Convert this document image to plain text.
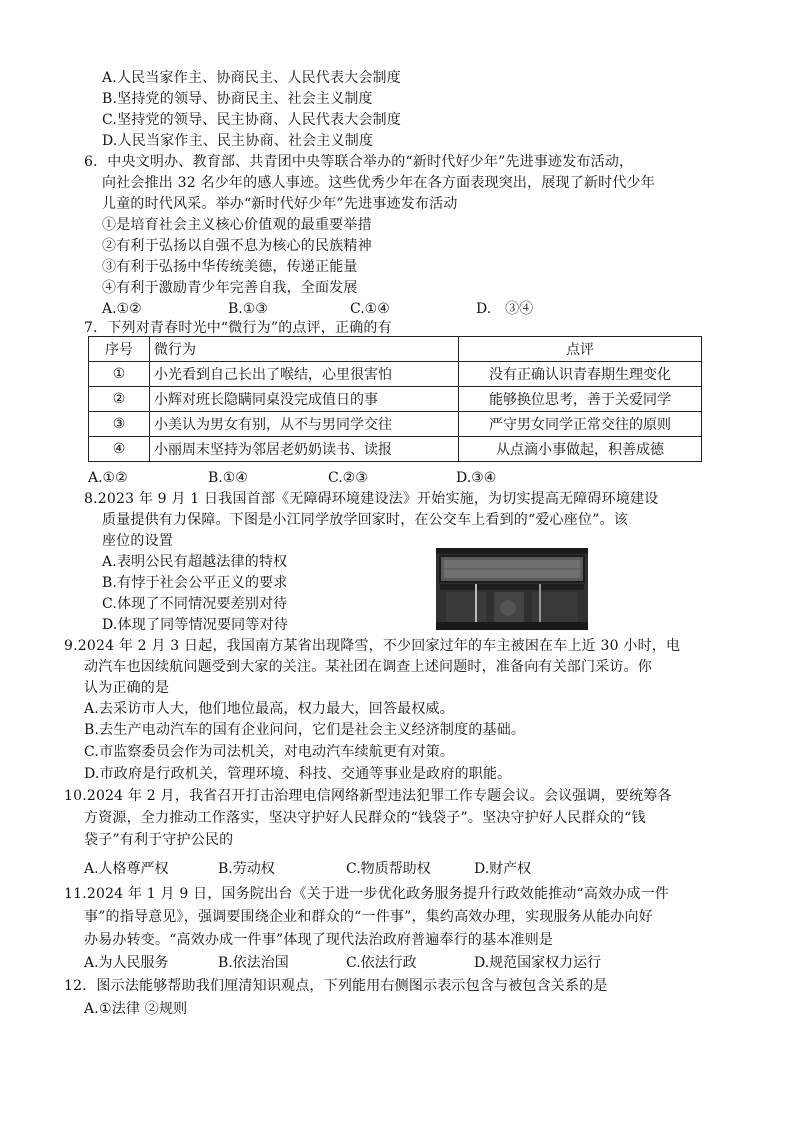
A.人民当家作主、协商民主、人民代表大会制度
B.坚持党的领导、协商民主、社会主义制度
C.坚持党的领导、民主协商、人民代表大会制度
D.人民当家作主、民主协商、社会主义制度
6．中央文明办、教育部、共青团中央等联合举办的“新时代好少年”先进事迹发布活动，
向社会推出 32 名少年的感人事迹。这些优秀少年在各方面表现突出，展现了新时代少年
儿童的时代风采。举办“新时代好少年”先进事迹发布活动
①是培育社会主义核心价值观的最重要举措
②有利于弘扬以自强不息为核心的民族精神
③有利于弘扬中华传统美德，传递正能量
④有利于激励青少年完善自我，全面发展
A.①②	B.①③	C.①④	D.　③④
7．下列对青春时光中“微行为”的点评，正确的有
序号	微行为	点评
①	小光看到自己长出了喉结，心里很害怕	没有正确认识青春期生理变化
②	小辉对班长隐瞒同桌没完成值日的事	能够换位思考，善于关爱同学
③	小美认为男女有别，从不与男同学交往	严守男女同学正常交往的原则
④	小丽周末坚持为邻居老奶奶读书、读报	从点滴小事做起，积善成德
A.①②	B.①④	C.②③	D.③④
8.2023 年 9 月 1 日我国首部《无障碍环境建设法》开始实施，为切实提高无障碍环境建设
质量提供有力保障。下图是小江同学放学回家时，在公交车上看到的“爱心座位”。该
座位的设置
A.表明公民有超越法律的特权
B.有悖于社会公平正义的要求
C.体现了不同情况要差别对待
D.体现了同等情况要同等对待
9.2024 年 2 月 3 日起，我国南方某省出现降雪，不少回家过年的车主被困在车上近 30 小时，电
动汽车也因续航问题受到大家的关注。某社团在调查上述问题时，准备向有关部门采访。你
认为正确的是
A.去采访市人大，他们地位最高，权力最大，回答最权威。
B.去生产电动汽车的国有企业问问，它们是社会主义经济制度的基础。
C.市监察委员会作为司法机关，对电动汽车续航更有对策。
D.市政府是行政机关，管理环境、科技、交通等事业是政府的职能。
10.2024 年 2 月，我省召开打击治理电信网络新型违法犯罪工作专题会议。会议强调，要统筹各
方资源，全力推动工作落实，坚决守护好人民群众的“钱袋子”。坚决守护好人民群众的“钱
袋子”有利于守护公民的
A.人格尊严权	B.劳动权	C.物质帮助权	D.财产权
11.2024 年 1 月 9 日，国务院出台《关于进一步优化政务服务提升行政效能推动“高效办成一件
事”的指导意见》，强调要围绕企业和群众的“一件事”，集约高效办理，实现服务从能办向好
办易办转变。“高效办成一件事”体现了现代法治政府普遍奉行的基本准则是
A.为人民服务	B.依法治国	C.依法行政	D.规范国家权力运行
12．图示法能够帮助我们厘清知识观点，下列能用右侧图示表示包含与被包含关系的是
A.①法律 ②规则
